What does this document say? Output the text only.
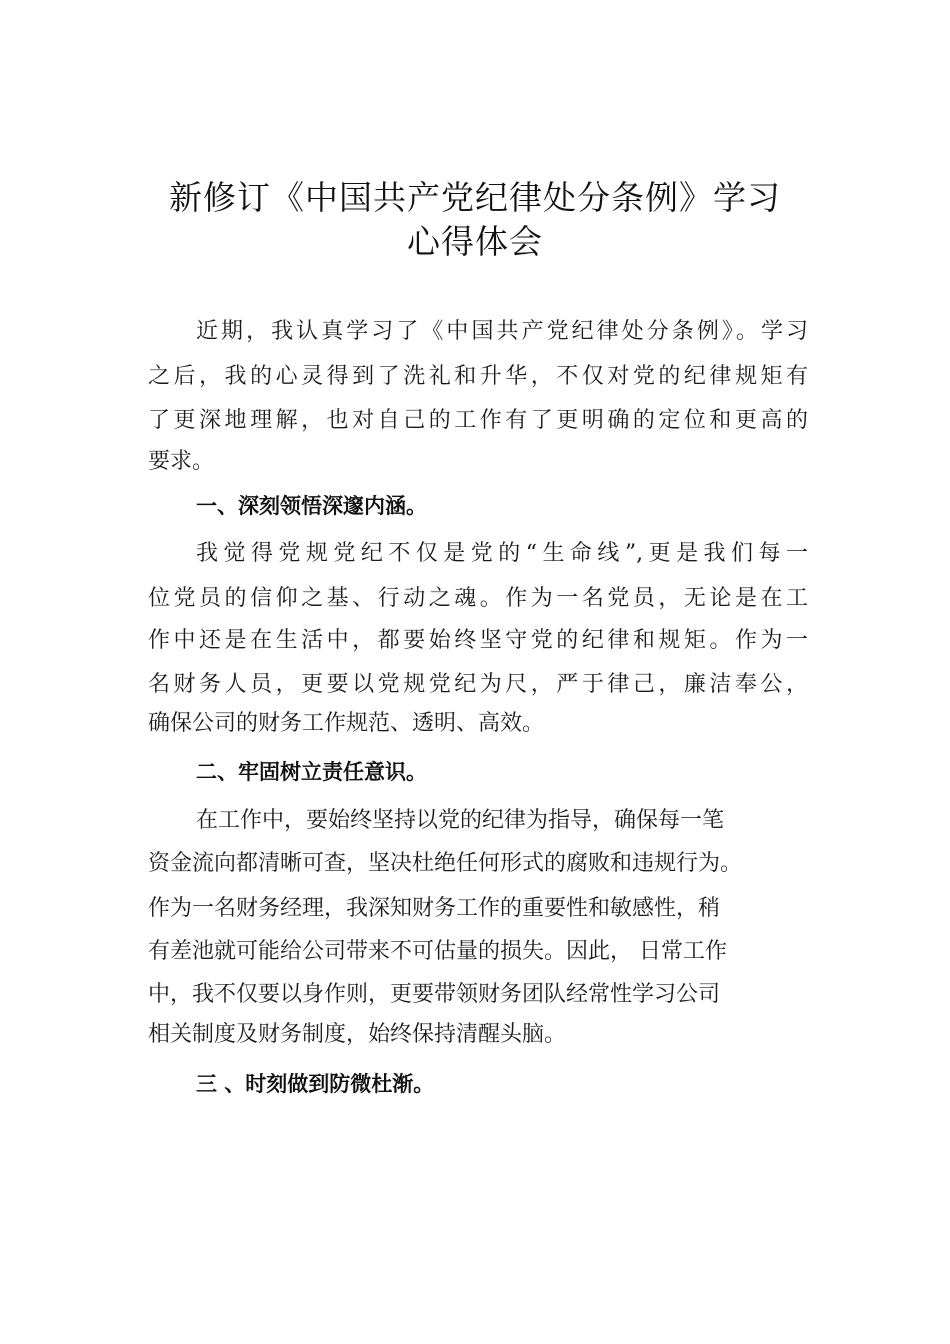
新修订《中国共产党纪律处分条例》学习
心得体会

近期，我认真学习了《中国共产党纪律处分条例》。学习

之后，我的心灵得到了洗礼和升华，不仅对党的纪律规矩有

了更深地理解，也对自己的工作有了更明确的定位和更高的

要求。

一、深刻领悟深邃内涵。

我觉得党规党纪不仅是党的“生命线”,更是我们每一

位党员的信仰之基、行动之魂。作为一名党员，无论是在工

作中还是在生活中，都要始终坚守党的纪律和规矩。作为一

名财务人员，更要以党规党纪为尺，严于律己，廉洁奉公，

确保公司的财务工作规范、透明、高效。

二、牢固树立责任意识。

在工作中，要始终坚持以党的纪律为指导，确保每一笔

资金流向都清晰可查，坚决杜绝任何形式的腐败和违规行为。

作为一名财务经理，我深知财务工作的重要性和敏感性，稍

有差池就可能给公司带来不可估量的损失。因此， 日常工作

中，我不仅要以身作则，更要带领财务团队经常性学习公司

相关制度及财务制度，始终保持清醒头脑。

三 、时刻做到防微杜渐。
